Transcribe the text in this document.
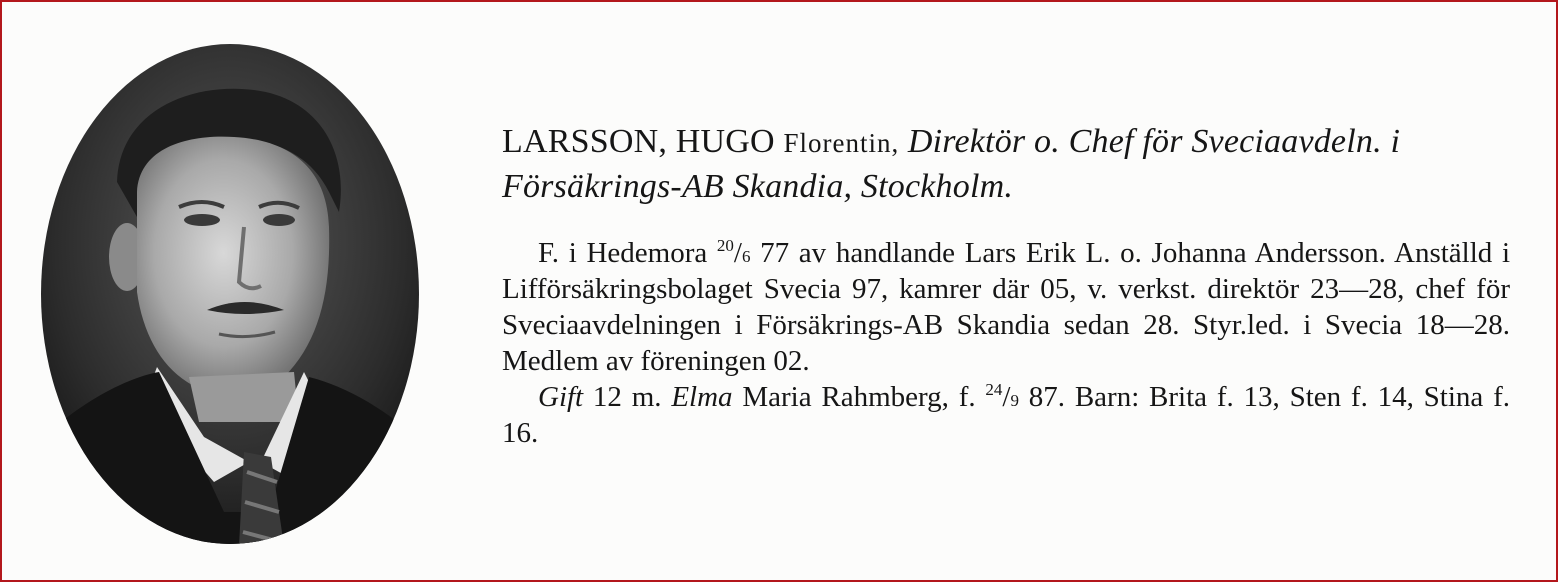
LARSSON, HUGO Florentin, Direktör o. Chef för Sveciaavdeln. i Försäkrings-AB Skandia, Stockholm.

F. i Hedemora $^{20}$/6 77 av handlande Lars Erik L. o. Johanna Andersson. Anställd i Lifförsäkringsbolaget Svecia 97, kamrer där 05, v. verkst. direktör 23—28, chef för Sveciaavdelningen i Försäkrings-AB Skandia sedan 28. Styr.led. i Svecia 18—28. Medlem av föreningen 02.

Gift 12 m. Elma Maria Rahmberg, f. $^{24}$/9 87. Barn: Brita f. 13, Sten f. 14, Stina f. 16.
